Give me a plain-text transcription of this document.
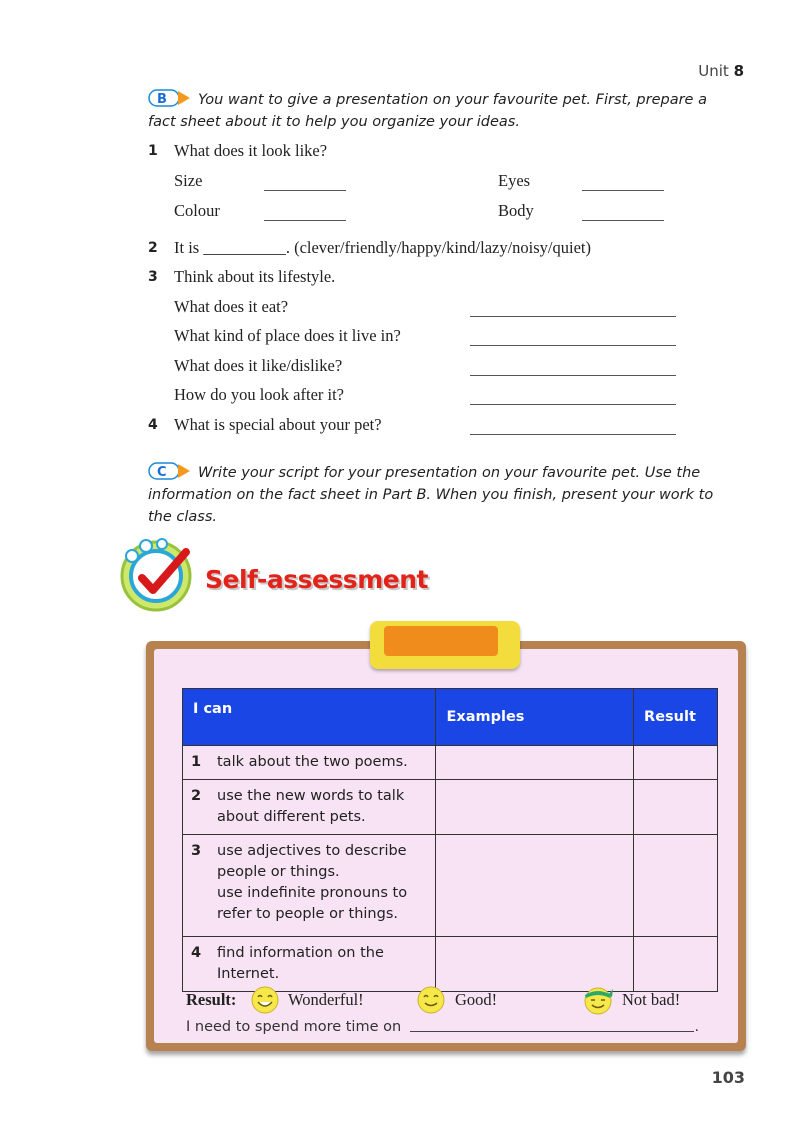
Unit 8
B You want to give a presentation on your favourite pet. First, prepare a fact sheet about it to help you organize your ideas.
1 What does it look like?
Size	Eyes
Colour	Body
2 It is __________. (clever/friendly/happy/kind/lazy/noisy/quiet)
3 Think about its lifestyle.
What does it eat?
What kind of place does it live in?
What does it like/dislike?
How do you look after it?
4 What is special about your pet?
C Write your script for your presentation on your favourite pet. Use the information on the fact sheet in Part B. When you finish, present your work to the class.
Self-assessment
I can	Examples	Result

1 talk about the two poems.		

2 use the new words to talk about different pets.		

3 use adjectives to describe people or things.
use indefinite pronouns to refer to people or things.		

4 find information on the Internet.		

Result:	Wonderful!	Good!	Not bad!
I need to spend more time on	.
103
